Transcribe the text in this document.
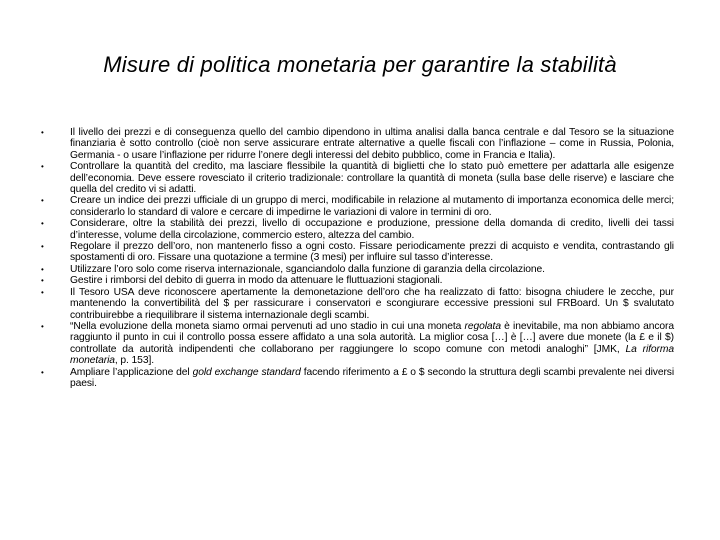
Misure di politica monetaria per garantire la stabilità
•	Il livello dei prezzi e di conseguenza quello del cambio dipendono in ultima analisi dalla banca centrale e dal Tesoro se la situazione finanziaria è sotto controllo (cioè non serve assicurare entrate alternative a quelle fiscali con l’inflazione – come in Russia, Polonia, Germania - o usare l’inflazione per ridurre l’onere degli interessi del debito pubblico, come in Francia e Italia).
•	Controllare la quantità del credito, ma lasciare flessibile la quantità di biglietti che lo stato può emettere per adattarla alle esigenze dell’economia. Deve essere rovesciato il criterio tradizionale: controllare la quantità di moneta (sulla base delle riserve) e lasciare che quella del credito vi si adatti.
•	Creare un indice dei prezzi ufficiale di un gruppo di merci, modificabile in relazione al mutamento di importanza economica delle merci; considerarlo lo standard di valore e cercare di impedirne le variazioni di valore in termini di oro.
•	Considerare, oltre la stabilità dei prezzi, livello di occupazione e produzione, pressione della domanda di credito, livelli dei tassi d’interesse, volume della circolazione, commercio estero, altezza del cambio.
•	Regolare il prezzo dell’oro, non mantenerlo fisso a ogni costo. Fissare periodicamente prezzi di acquisto e vendita, contrastando gli spostamenti di oro. Fissare una quotazione a termine (3 mesi) per influire sul tasso d’interesse.
•	Utilizzare l’oro solo come riserva internazionale, sganciandolo dalla funzione di garanzia della circolazione.
•	Gestire i rimborsi del debito di guerra in modo da attenuare le fluttuazioni stagionali.
•	Il Tesoro USA deve riconoscere apertamente la demonetazione dell’oro che ha realizzato di fatto: bisogna chiudere le zecche, pur mantenendo la convertibilità del $ per rassicurare i conservatori e scongiurare eccessive pressioni sul FRBoard. Un $ svalutato contribuirebbe a riequilibrare il sistema internazionale degli scambi.
•	“Nella evoluzione della moneta siamo ormai pervenuti ad uno stadio in cui una moneta regolata è inevitabile, ma non abbiamo ancora raggiunto il punto in cui il controllo possa essere affidato a una sola autorità. La miglior cosa […] è […] avere due monete (la £ e il $) controllate da autorità indipendenti che collaborano per raggiungere lo scopo comune con metodi analoghi” [JMK, La riforma monetaria, p. 153].
•	Ampliare l’applicazione del gold exchange standard facendo riferimento a £ o $ secondo la struttura degli scambi prevalente nei diversi paesi.
